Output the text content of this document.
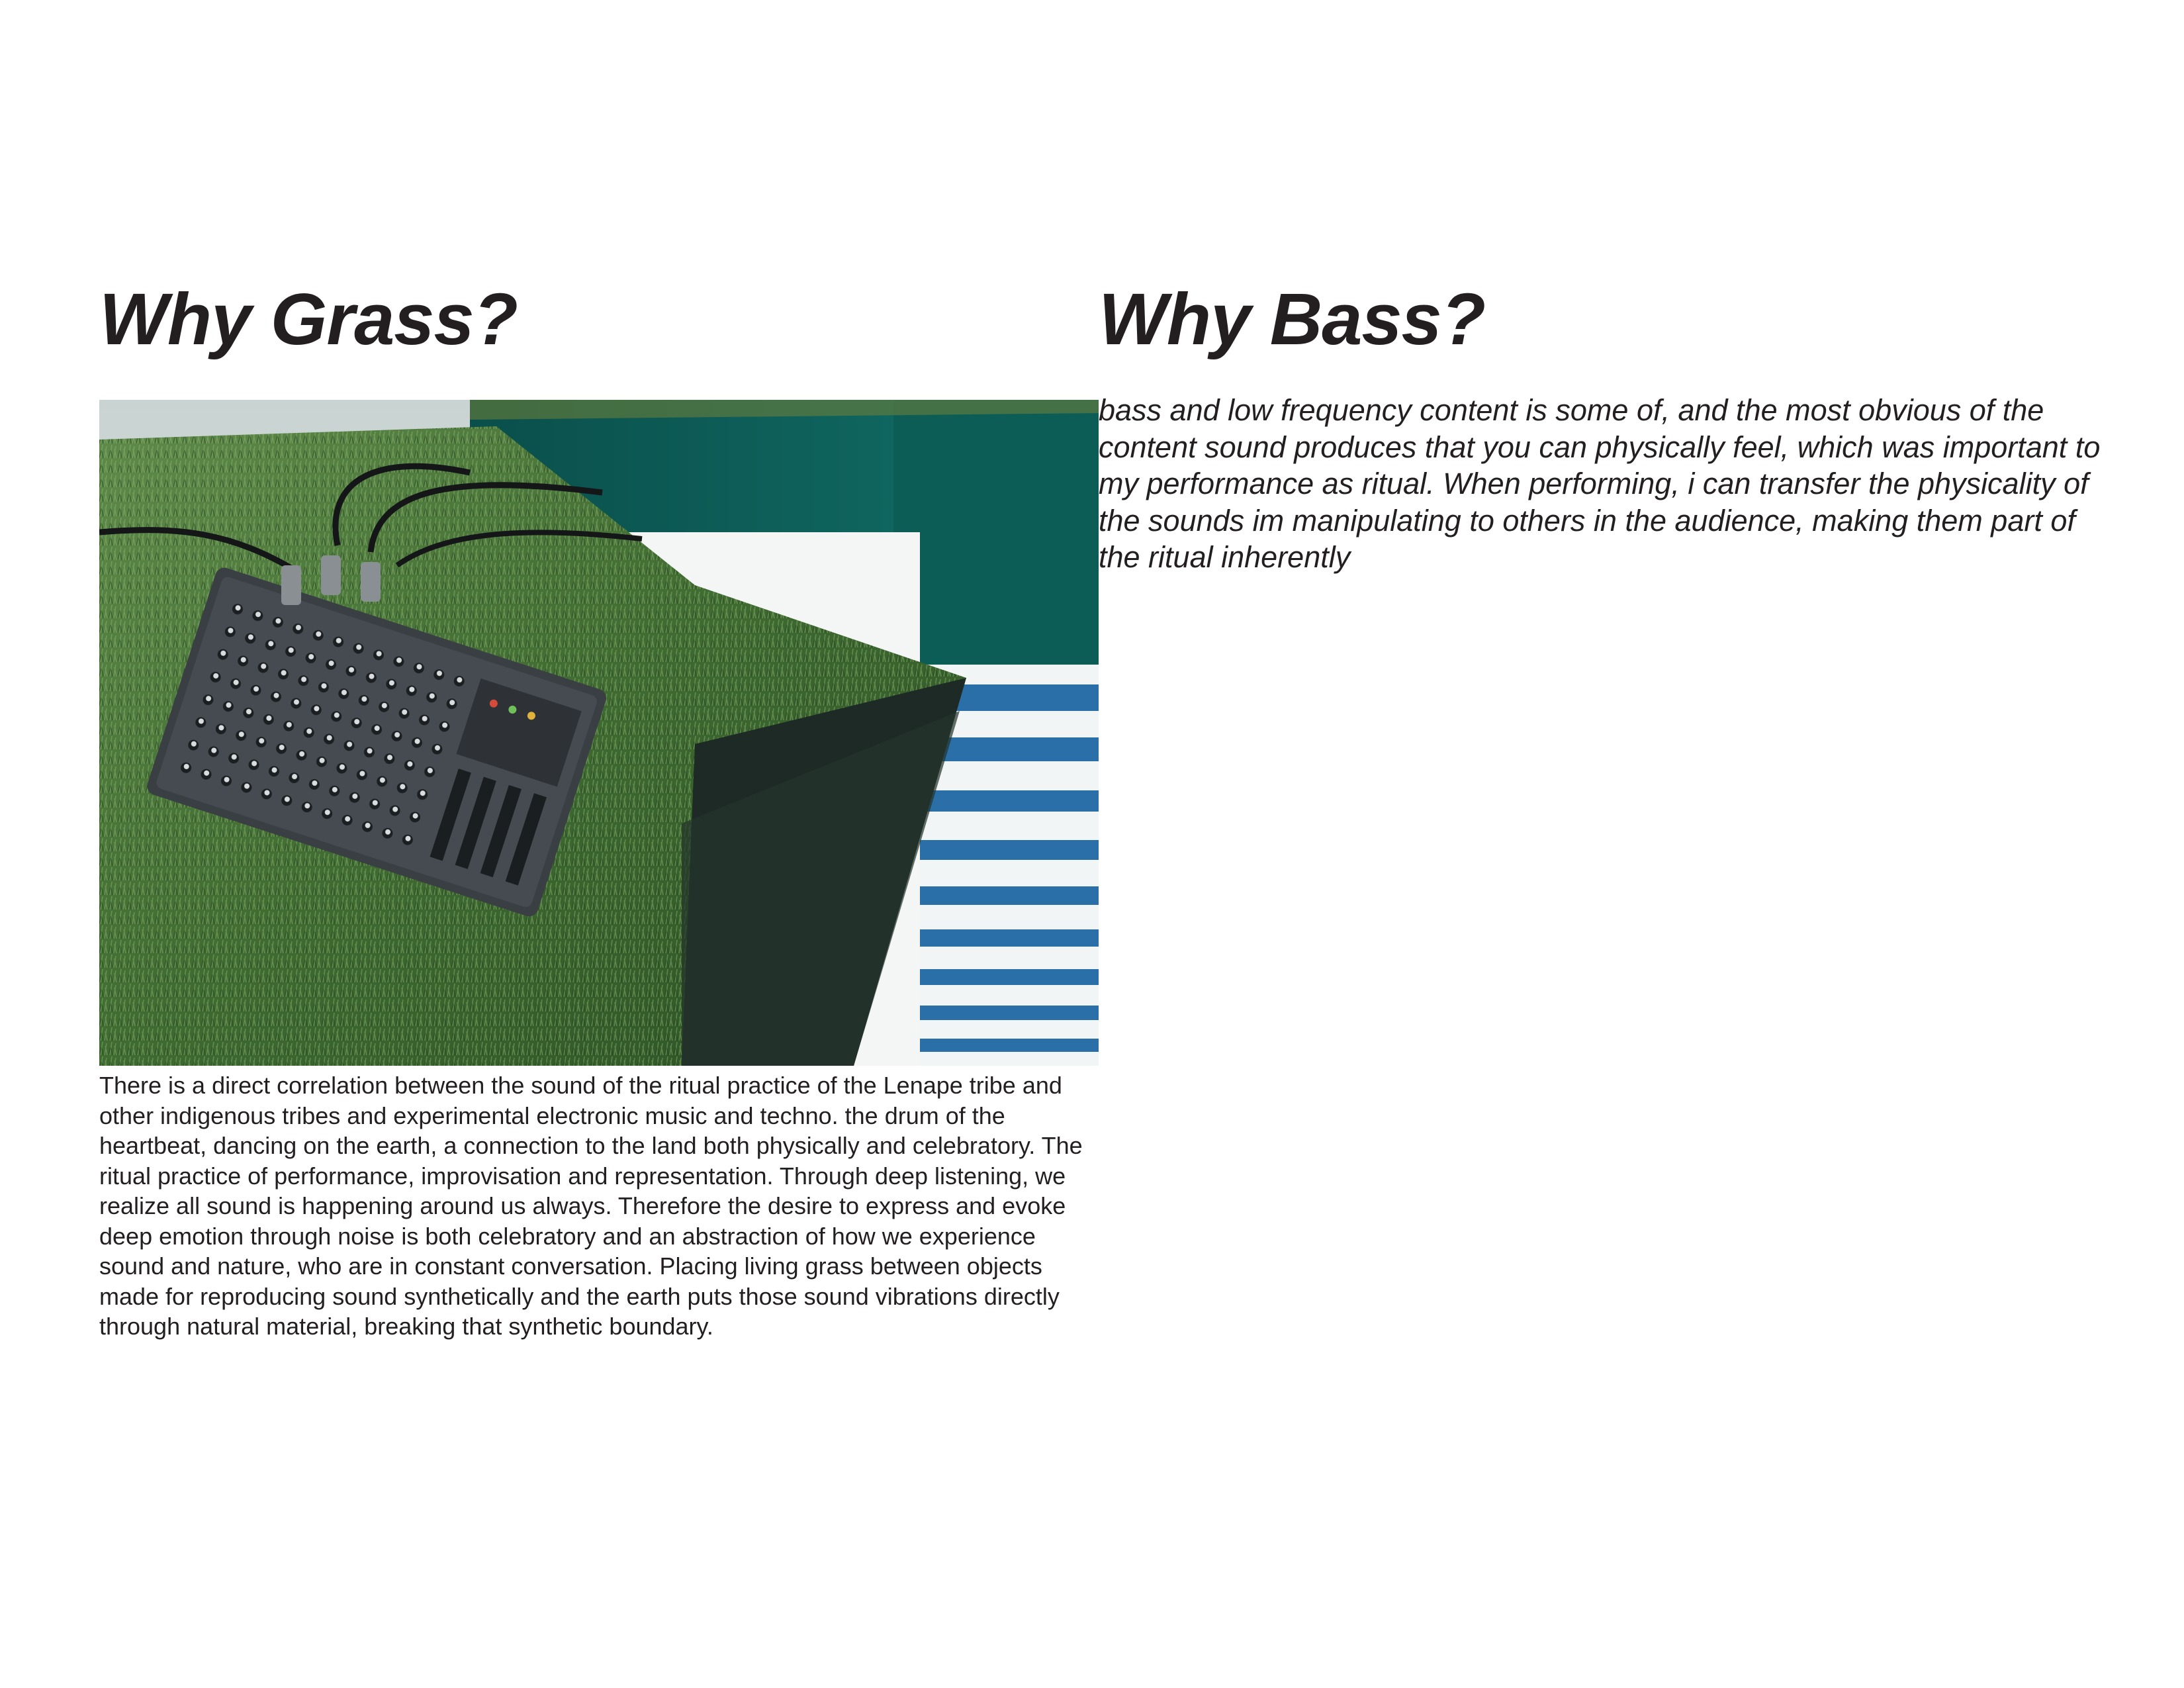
Why Grass?	Why Bass?

There is a direct correlation between the sound of the ritual practice of the Lenape tribe and other indigenous tribes and experimental electronic music and techno. the drum of the heartbeat, dancing on the earth, a connection to the land both physically and celebratory. The ritual practice of performance, improvisation and representation. Through deep listening, we realize all sound is happening around us always. Therefore the desire to express and evoke deep emotion through noise is both celebratory and an abstraction of how we experience sound and nature, who are in constant conversation. Placing living grass between objects made for reproducing sound synthetically and the earth puts those sound vibrations directly through natural material, breaking that synthetic boundary.

bass and low frequency content is some of, and the most obvious of the content sound produces that you can physically feel, which was important to my performance as ritual. When performing, i can transfer the physicality of the sounds im manipulating to others in the audience, making them part of the ritual inherently
